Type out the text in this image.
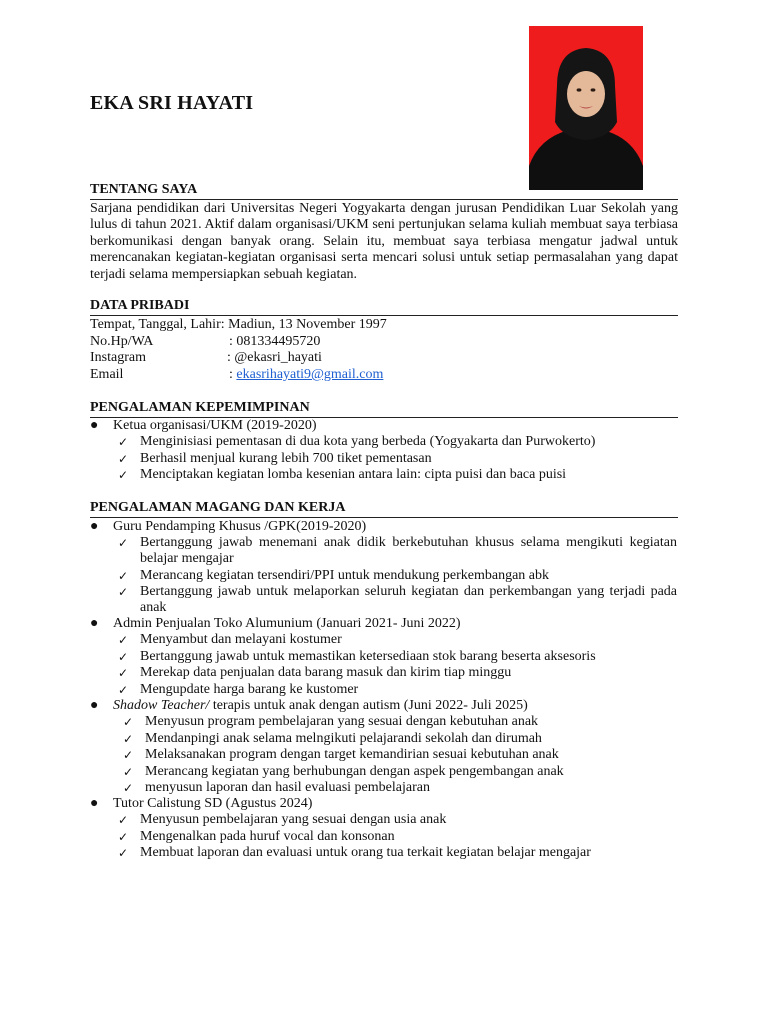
EKA SRI HAYATI
TENTANG SAYA
Sarjana pendidikan dari Universitas Negeri Yogyakarta dengan jurusan Pendidikan Luar Sekolah yang
lulus di tahun 2021. Aktif dalam organisasi/UKM seni pertunjukan selama kuliah membuat saya terbiasa
berkomunikasi dengan banyak orang. Selain itu, membuat saya terbiasa mengatur jadwal untuk
merencanakan kegiatan-kegiatan organisasi serta mencari solusi untuk setiap permasalahan yang dapat
terjadi selama mempersiapkan sebuah kegiatan.
DATA PRIBADI
Tempat, Tanggal, Lahir: Madiun, 13 November 1997
No.Hp/WA	: 081334495720
Instagram	: @ekasri_hayati
Email	: ekasrihayati9@gmail.com
PENGALAMAN KEPEMIMPINAN
● Ketua organisasi/UKM (2019-2020)
✓ Menginisiasi pementasan di dua kota yang berbeda (Yogyakarta dan Purwokerto)
✓ Berhasil menjual kurang lebih 700 tiket pementasan
✓ Menciptakan kegiatan lomba kesenian antara lain: cipta puisi dan baca puisi
PENGALAMAN MAGANG DAN KERJA
● Guru Pendamping Khusus /GPK(2019-2020)
✓ Bertanggung jawab menemani anak didik berkebutuhan khusus selama mengikuti kegiatan
belajar mengajar
✓ Merancang kegiatan tersendiri/PPI untuk mendukung perkembangan abk
✓ Bertanggung jawab untuk melaporkan seluruh kegiatan dan perkembangan yang terjadi pada
anak
● Admin Penjualan Toko Alumunium (Januari 2021- Juni 2022)
✓ Menyambut dan melayani kostumer
✓ Bertanggung jawab untuk memastikan ketersediaan stok barang beserta aksesoris
✓ Merekap data penjualan data barang masuk dan kirim tiap minggu
✓ Mengupdate harga barang ke kustomer
● Shadow Teacher/ terapis untuk anak dengan autism (Juni 2022- Juli 2025)
✓ Menyusun program pembelajaran yang sesuai dengan kebutuhan anak
✓ Mendanpingi anak selama melngikuti pelajarandi sekolah dan dirumah
✓ Melaksanakan program dengan target kemandirian sesuai kebutuhan anak
✓ Merancang kegiatan yang berhubungan dengan aspek pengembangan anak
✓ menyusun laporan dan hasil evaluasi pembelajaran
● Tutor Calistung SD (Agustus 2024)
✓ Menyusun pembelajaran yang sesuai dengan usia anak
✓ Mengenalkan pada huruf vocal dan konsonan
✓ Membuat laporan dan evaluasi untuk orang tua terkait kegiatan belajar mengajar
